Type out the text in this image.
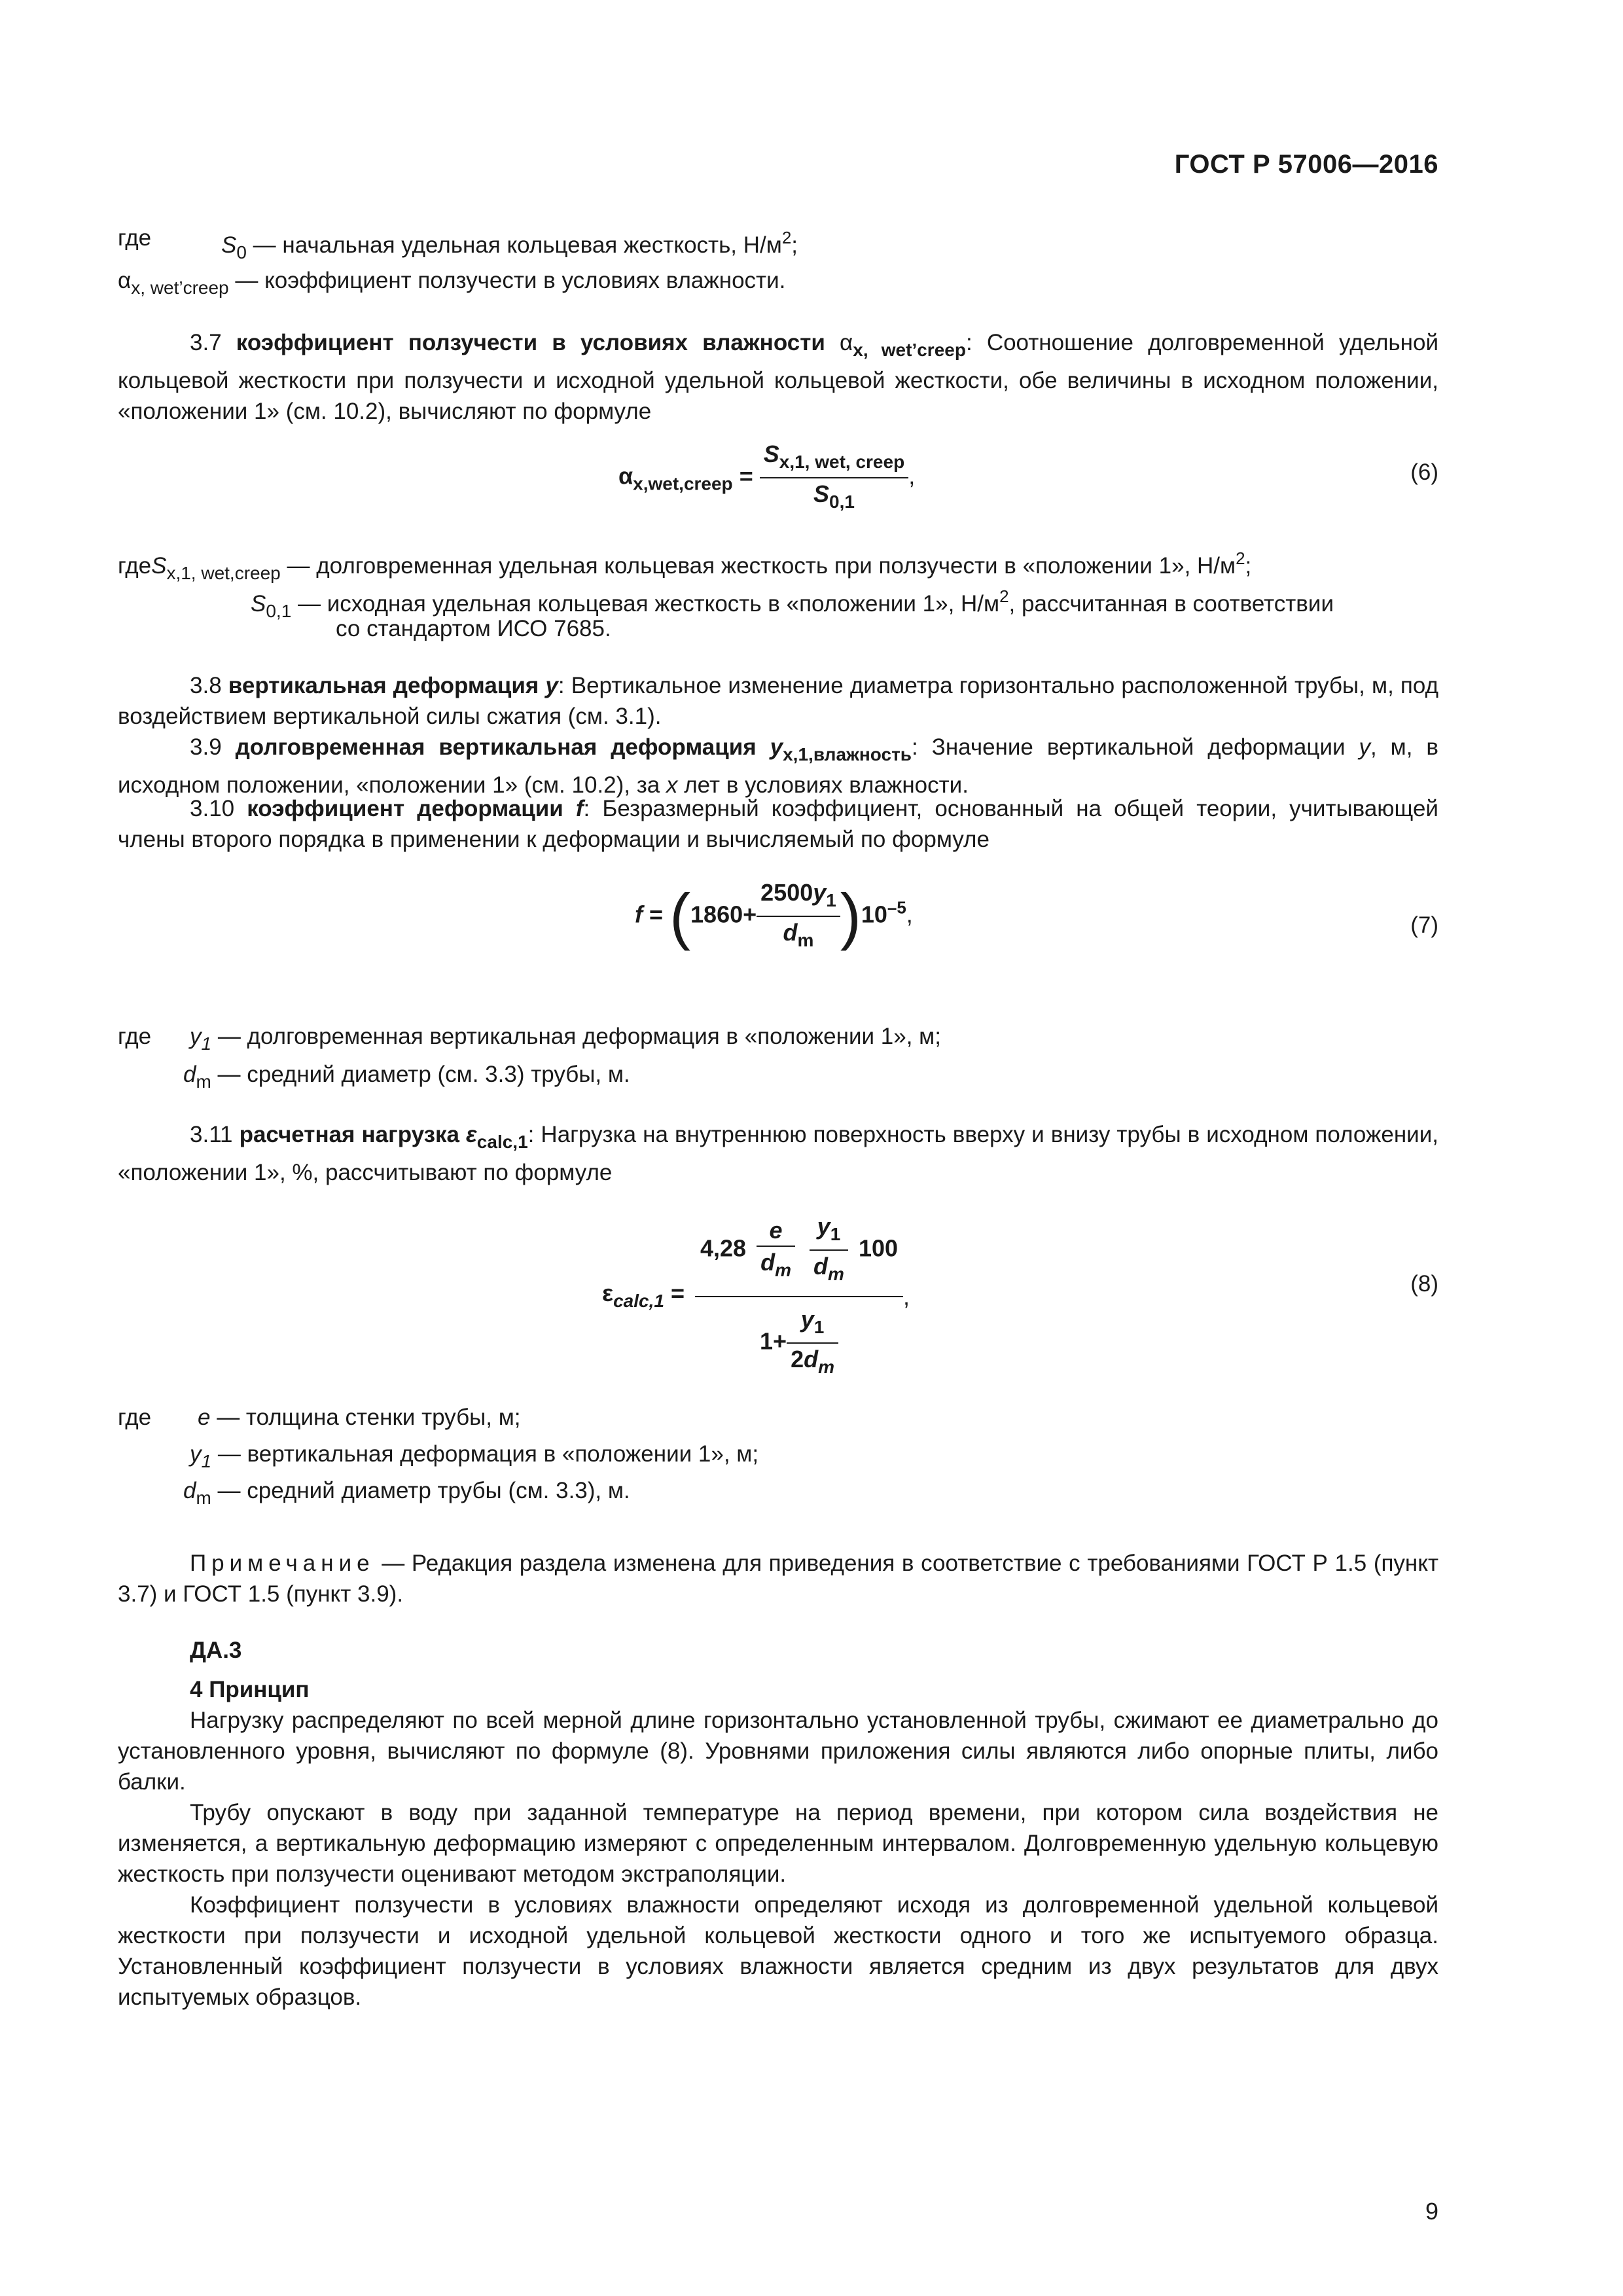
ГОСТ Р 57006—2016
где	$S_0$ — начальная удельная кольцевая жесткость, $Н/м^2$;
$\alpha_{x, wet’creep}$ — коэффициент ползучести в условиях влажности.
3.7 коэффициент ползучести в условиях влажности $\alpha_{x, wet’creep}$: Соотношение долговременной удельной кольцевой жесткости при ползучести и исходной удельной кольцевой жесткости, обе величины в исходном положении, «положении 1» (см. 10.2), вычисляют по формуле
$\alpha_{x,wet,creep} = \frac{S_{x,1, wet, creep}}{S_{0,1}}$ ,	(6)
гдеS$_{x,1, wet,creep}$ — долговременная удельная кольцевая жесткость при ползучести в «положении 1», $Н/м^2$;
$S_{0,1}$ — исходная удельная кольцевая жесткость в «положении 1», $Н/м^2$, рассчитанная в соответствии
со стандартом ИСО 7685.
3.8 вертикальная деформация y: Вертикальное изменение диаметра горизонтально расположенной трубы, м, под воздействием вертикальной силы сжатия (см. 3.1).
3.9 долговременная вертикальная деформация $y_{x,1,влажность}$: Значение вертикальной деформации y, м, в исходном положении, «положении 1» (см. 10.2), за x лет в условиях влажности.
3.10 коэффициент деформации f: Безразмерный коэффициент, основанный на общей теории, учитывающей члены второго порядка в применении к деформации и вычисляемый по формуле
$f = (1860+ \frac{2500y_1}{d_m} )10^{-5}$,	(7)
где $y_1$ — долговременная вертикальная деформация в «положении 1», м;
$d_m$ — средний диаметр (см. 3.3) трубы, м.
3.11 расчетная нагрузка $\varepsilon_{calc,1}$: Нагрузка на внутреннюю поверхность вверху и внизу трубы в исходном положении, «положении 1», %, рассчитывают по формуле
$\varepsilon_{calc,1} = 4,28 \frac{e}{d_m}$
$\frac{y_1}{d_m} 100$
$1+ \frac{y_1}{2d_m}$ ,	(8)
где e — толщина стенки трубы, м;
$y_1$ — вертикальная деформация в «положении 1», м;
$d_m$ — средний диаметр трубы (см. 3.3), м.
Примечание — Редакция раздела изменена для приведения в соответствие с требованиями ГОСТ Р 1.5 (пункт 3.7) и ГОСТ 1.5 (пункт 3.9).
ДА.3
4 Принцип
Нагрузку распределяют по всей мерной длине горизонтально установленной трубы, сжимают ее диаметрально до установленного уровня, вычисляют по формуле (8). Уровнями приложения силы являются либо опорные плиты, либо балки.
Трубу опускают в воду при заданной температуре на период времени, при котором сила воздействия не изменяется, а вертикальную деформацию измеряют с определенным интервалом. Долговременную удельную кольцевую жесткость при ползучести оценивают методом экстраполяции.
Коэффициент ползучести в условиях влажности определяют исходя из долговременной удельной кольцевой жесткости при ползучести и исходной удельной кольцевой жесткости одного и того же испытуемого образца. Установленный коэффициент ползучести в условиях влажности является средним из двух результатов для двух испытуемых образцов.
9
